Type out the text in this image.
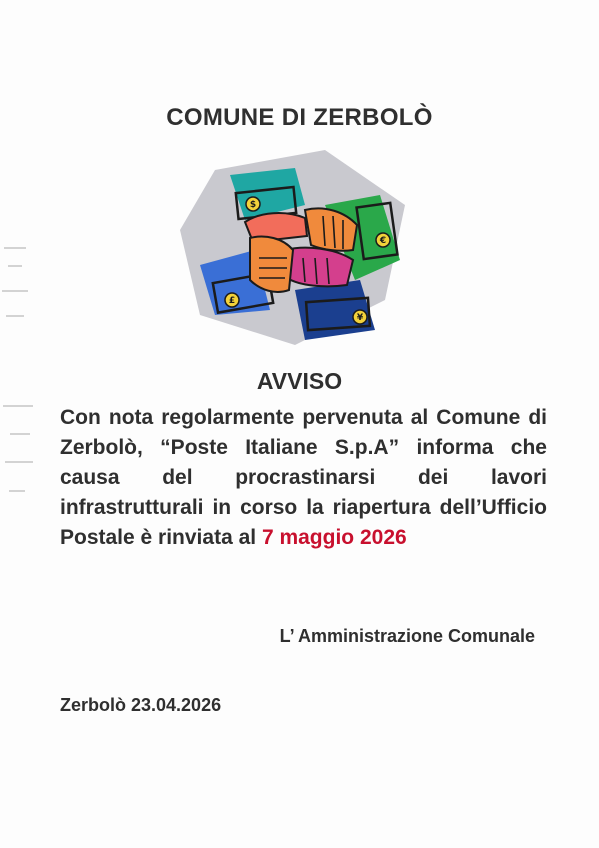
COMUNE DI ZERBOLÒ
$
€
£
¥
AVVISO

Con nota regolarmente pervenuta al Comune di Zerbolò, “Poste Italiane S.p.A” informa che causa del procrastinarsi dei lavori infrastrutturali in corso la riapertura dell’Ufficio Postale è rinviata al 7 maggio 2026

L’ Amministrazione Comunale

Zerbolò 23.04.2026
